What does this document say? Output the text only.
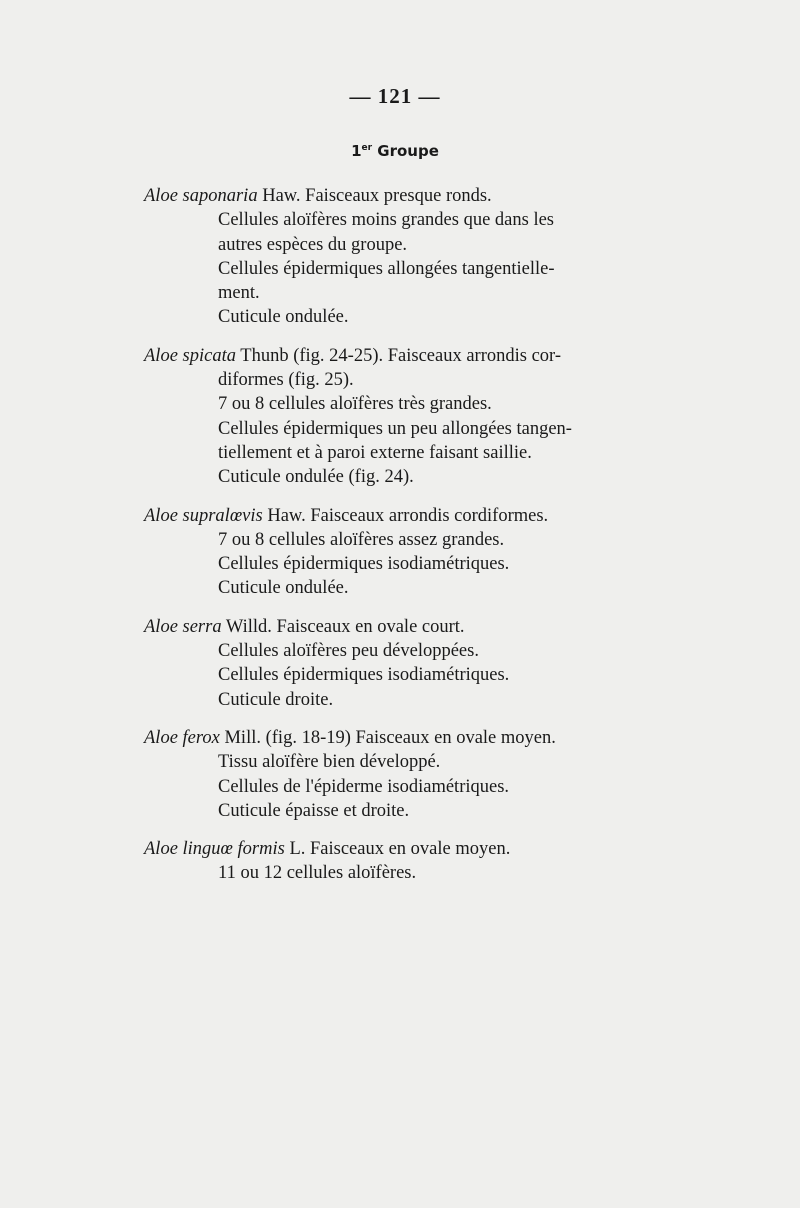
— 121 —
1er Groupe
Aloe saponaria Haw. Faisceaux presque ronds.
Cellules aloïfères moins grandes que dans les
autres espèces du groupe.
Cellules épidermiques allongées tangentielle-
ment.
Cuticule ondulée.
Aloe spicata Thunb (fig. 24-25). Faisceaux arrondis cor-
diformes (fig. 25).
7 ou 8 cellules aloïfères très grandes.
Cellules épidermiques un peu allongées tangen-
tiellement et à paroi externe faisant saillie.
Cuticule ondulée (fig. 24).
Aloe supralœvis Haw. Faisceaux arrondis cordiformes.
7 ou 8 cellules aloïfères assez grandes.
Cellules épidermiques isodiamétriques.
Cuticule ondulée.
Aloe serra Willd. Faisceaux en ovale court.
Cellules aloïfères peu développées.
Cellules épidermiques isodiamétriques.
Cuticule droite.
Aloe ferox Mill. (fig. 18-19) Faisceaux en ovale moyen.
Tissu aloïfère bien développé.
Cellules de l'épiderme isodiamétriques.
Cuticule épaisse et droite.
Aloe linguœ formis L. Faisceaux en ovale moyen.
11 ou 12 cellules aloïfères.
